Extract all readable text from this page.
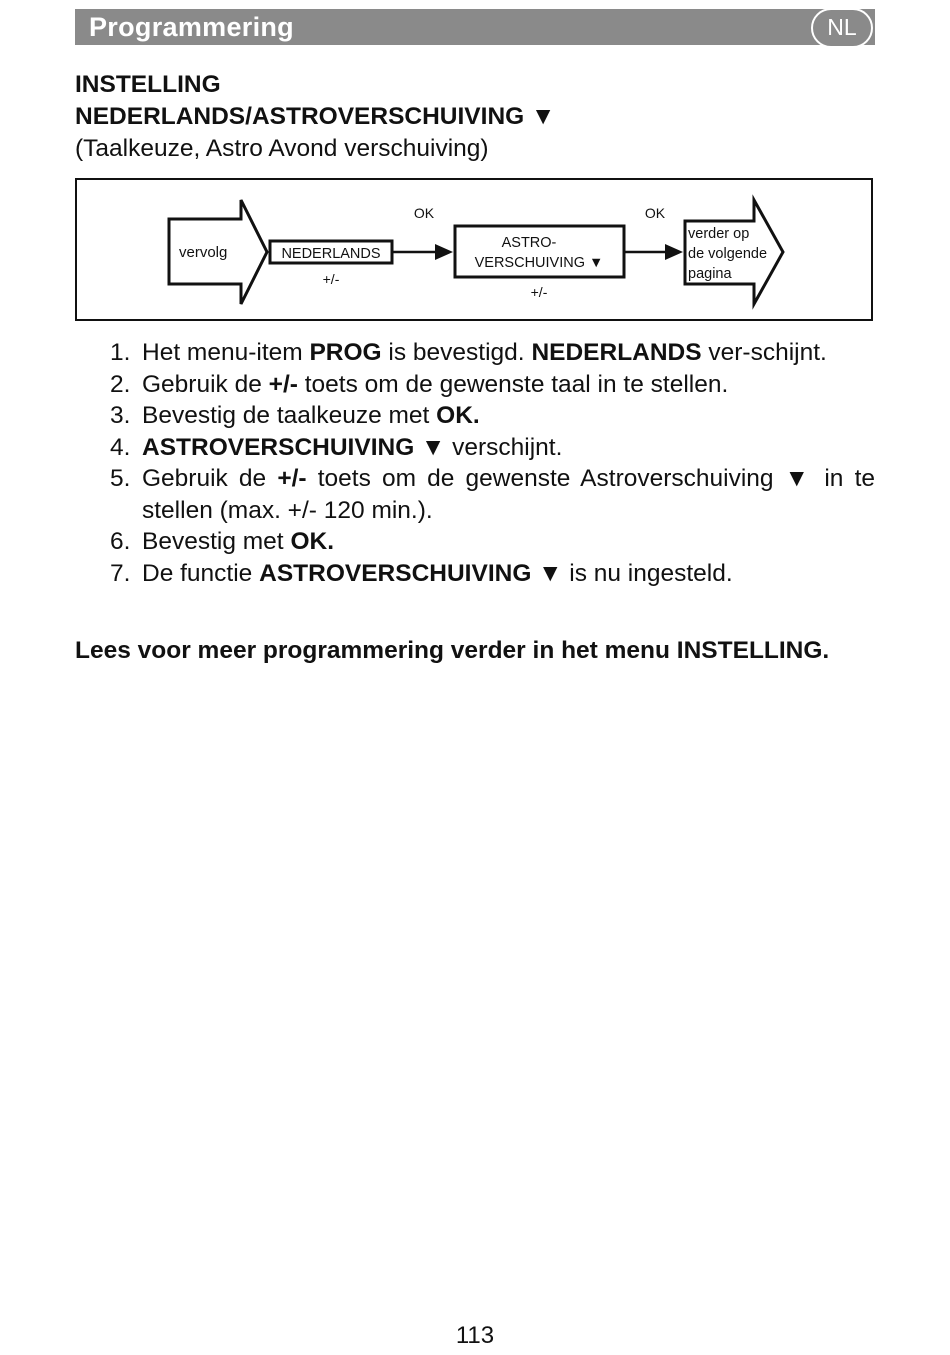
Programmering	NL
INSTELLING
NEDERLANDS/ASTROVERSCHUIVING ▼
(Taalkeuze, Astro Avond verschuiving)
vervolg	NEDERLANDS
+/-
OK
ASTRO-
VERSCHUIVING ▼
+/-
OK
verder op
de volgende
pagina
1. Het menu-item PROG is bevestigd. NEDERLANDS ver-schijnt.
2. Gebruik de +/- toets om de gewenste taal in te stellen.
3. Bevestig de taalkeuze met OK.
4. ASTROVERSCHUIVING ▼ verschijnt.
5. Gebruik de +/- toets om de gewenste Astroverschuiving ▼ in te stellen (max. +/- 120 min.).
6. Bevestig met OK.
7. De functie ASTROVERSCHUIVING ▼ is nu ingesteld.
Lees voor meer programmering verder in het menu INSTELLING.
113
